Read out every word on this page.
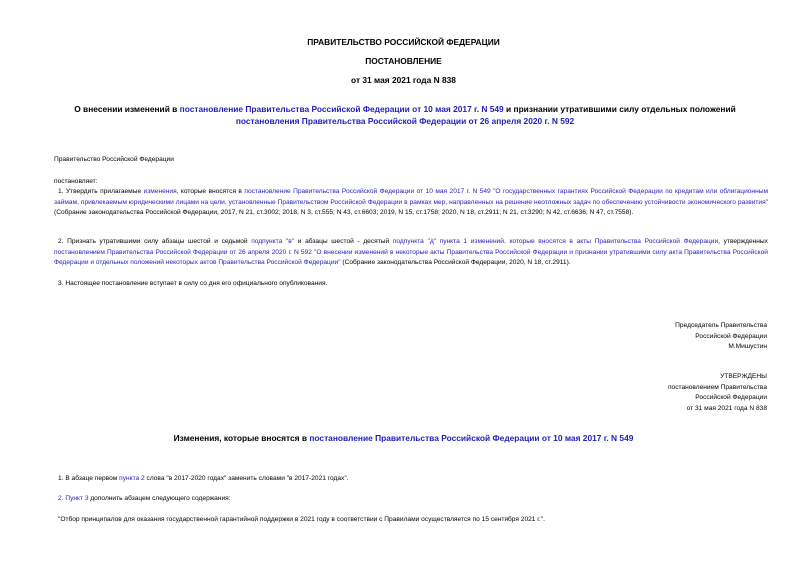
ПРАВИТЕЛЬСТВО РОССИЙСКОЙ ФЕДЕРАЦИИ
ПОСТАНОВЛЕНИЕ
от 31 мая 2021 года N 838
О внесении изменений в постановление Правительства Российской Федерации от 10 мая 2017 г. N 549 и признании утратившими силу отдельных положений постановления Правительства Российской Федерации от 26 апреля 2020 г. N 592
Правительство Российской Федерации
постановляет:
1. Утвердить прилагаемые изменения, которые вносятся в постановление Правительства Российской Федерации от 10 мая 2017 г. N 549 "О государственных гарантиях Российской Федерации по кредитам или облигационным займам, привлекаемым юридическими лицами на цели, установленные Правительством Российской Федерации в рамках мер, направленных на решение неотложных задач по обеспечению устойчивости экономического развития" (Собрание законодательства Российской Федерации, 2017, N 21, ст.3002; 2018, N 3, ст.555; N 43, ст.6603; 2019, N 15, ст.1758; 2020, N 18, ст.2911; N 21, ст.3290; N 42, ст.6636; N 47, ст.7558).
2. Признать утратившими силу абзацы шестой и седьмой подпункта "в" и абзацы шестой - десятый подпункта "д" пункта 1 изменений, которые вносятся в акты Правительства Российской Федерации, утвержденных постановлением Правительства Российской Федерации от 26 апреля 2020 г. N 592 "О внесении изменений в некоторые акты Правительства Российской Федерации и признании утратившими силу акта Правительства Российской Федерации и отдельных положений некоторых актов Правительства Российской Федерации" (Собрание законодательства Российской Федерации, 2020, N 18, ст.2911).
3. Настоящее постановление вступает в силу со дня его официального опубликования.
Председатель Правительства
Российской Федерации
М.Мишустин
УТВЕРЖДЕНЫ
постановлением Правительства
Российской Федерации
от 31 мая 2021 года N 838
Изменения, которые вносятся в постановление Правительства Российской Федерации от 10 мая 2017 г. N 549
1. В абзаце первом пункта 2 слова "в 2017-2020 годах" заменить словами "в 2017-2021 годах".
2. Пункт 3 дополнить абзацем следующего содержания:
"Отбор принципалов для оказания государственной гарантийной поддержки в 2021 году в соответствии с Правилами осуществляется по 15 сентября 2021 г.".
